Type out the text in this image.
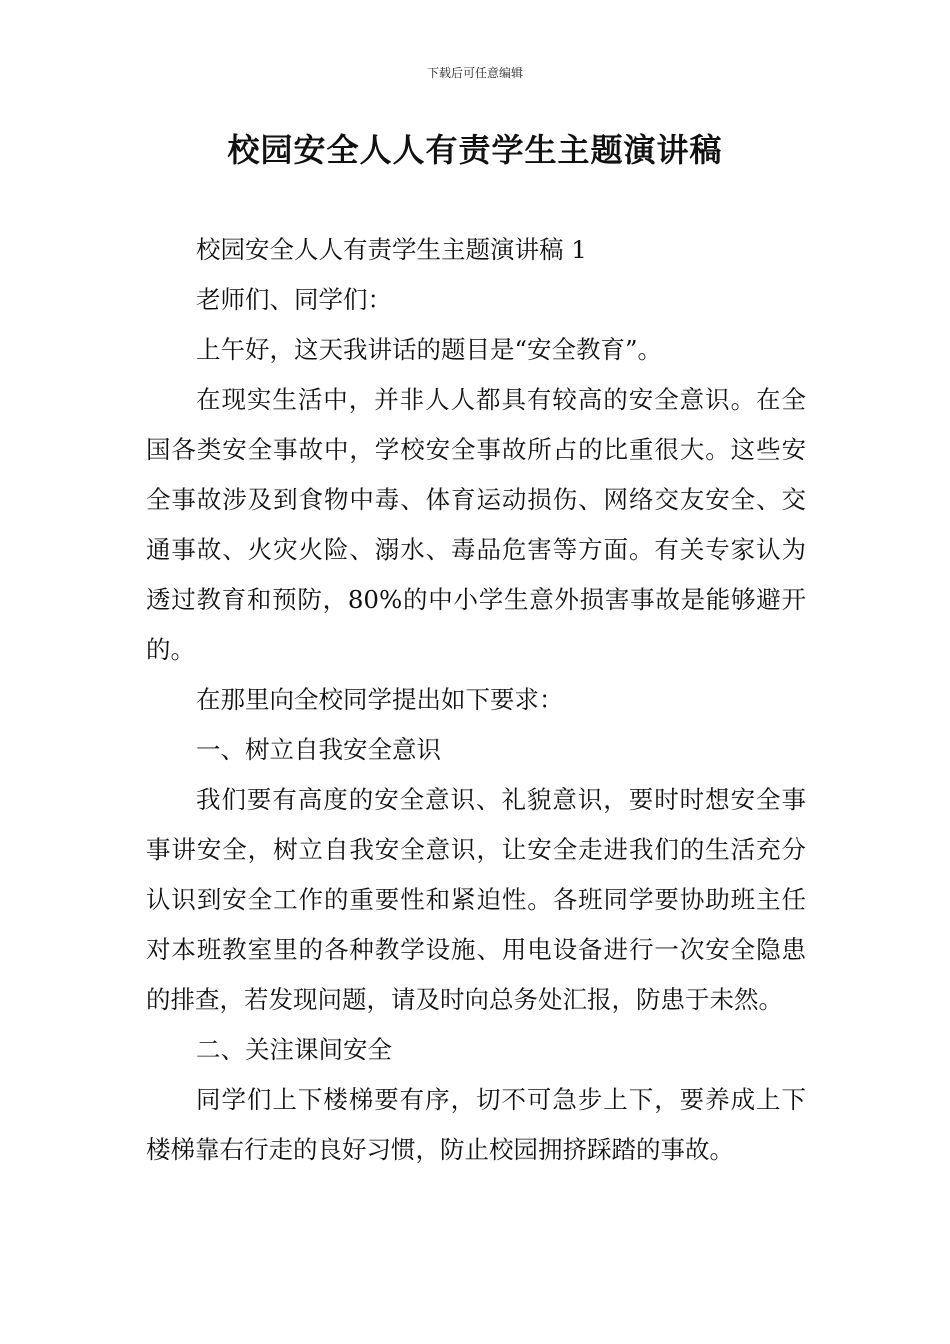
下载后可任意编辑
校园安全人人有责学生主题演讲稿

校园安全人人有责学生主题演讲稿 1

老师们、同学们：

上午好，这天我讲话的题目是“安全教育”。

在现实生活中，并非人人都具有较高的安全意识。在全国各类安全事故中，学校安全事故所占的比重很大。这些安全事故涉及到食物中毒、体育运动损伤、网络交友安全、交通事故、火灾火险、溺水、毒品危害等方面。有关专家认为透过教育和预防，80%的中小学生意外损害事故是能够避开的。

在那里向全校同学提出如下要求：

一、树立自我安全意识

我们要有高度的安全意识、礼貌意识，要时时想安全事事讲安全，树立自我安全意识，让安全走进我们的生活充分认识到安全工作的重要性和紧迫性。各班同学要协助班主任对本班教室里的各种教学设施、用电设备进行一次安全隐患的排查，若发现问题，请及时向总务处汇报，防患于未然。

二、关注课间安全

同学们上下楼梯要有序，切不可急步上下，要养成上下楼梯靠右行走的良好习惯，防止校园拥挤踩踏的事故。
